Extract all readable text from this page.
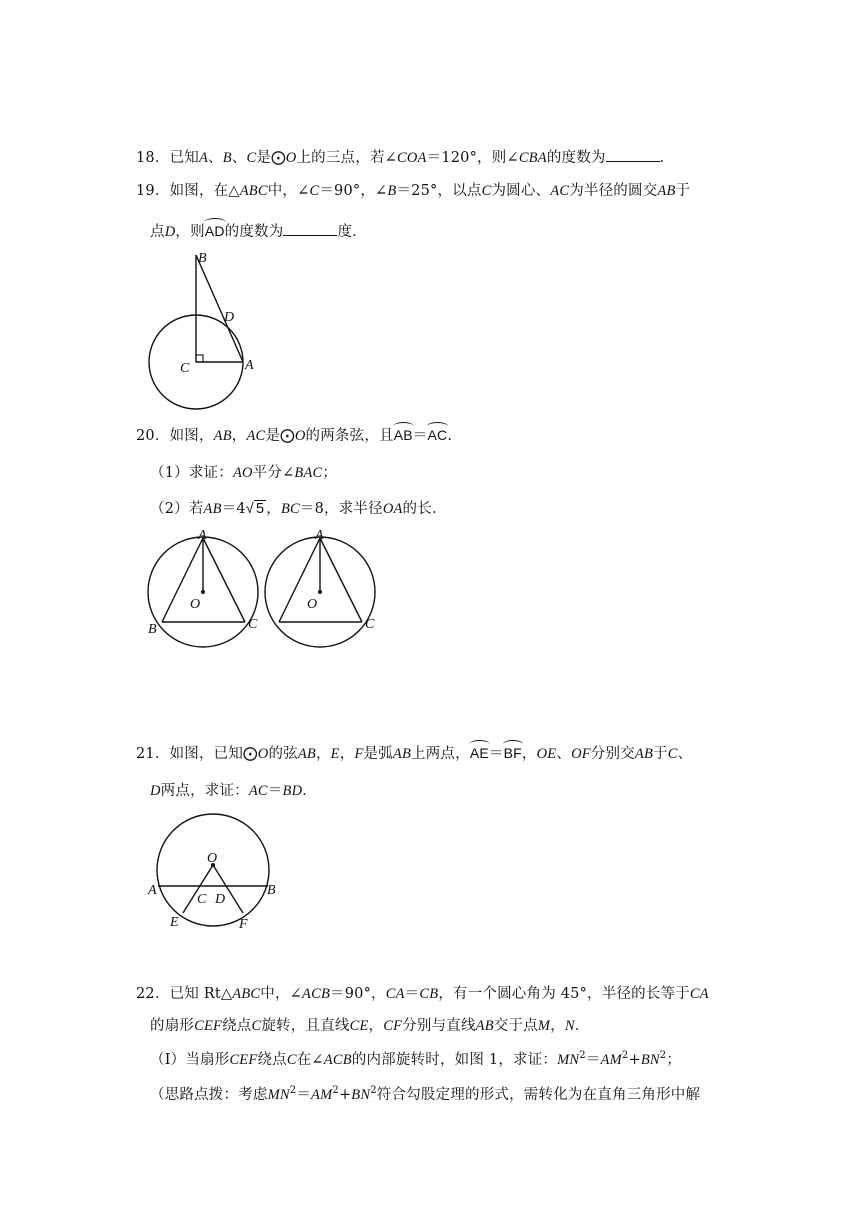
18．已知A、B、C是⨀O上的三点，若∠COA＝120°，则∠CBA的度数为	．
19．如图，在△ABC中，∠C＝90°，∠B＝25°，以点C为圆心、AC为半径的圆交AB于
点D，则AD的度数为	度．
B
D
C	A
20．如图，AB，AC是⨀O的两条弦，且AB＝AC.
（1）求证：AO平分∠BAC；
（2）若AB＝4√ 5 ，BC＝8，求半径OA的长．
A
O
B	C
A
O
C
21．如图，已知⨀O的弦AB，E，F是弧AB上两点，AE＝BF，OE、OF分别交AB于C、
D两点，求证：AC＝BD．
O
A	B
C D
E	F
22．已知 Rt△ABC中，∠ACB＝90°，CA＝CB，有一个圆心角为 45°，半径的长等于CA
的扇形CEF绕点C旋转，且直线CE，CF分别与直线AB交于点M，N．
（Ⅰ）当扇形CEF绕点C在∠ACB的内部旋转时，如图 1，求证：$MN^2=AM^2+BN^2$；
（思路点拨：考虑$MN^2=AM^2+BN^2$符合勾股定理的形式，需转化为在直角三角形中解
